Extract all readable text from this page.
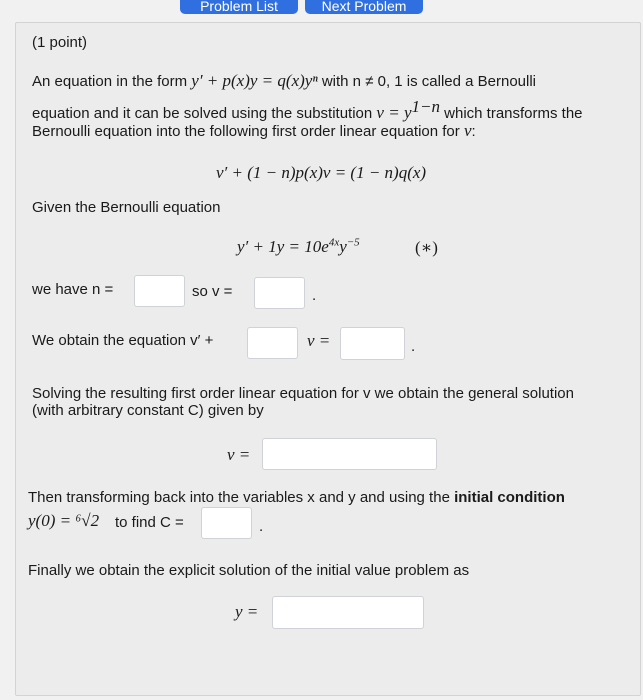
Problem List	Next Problem
(1 point)
An equation in the form y′ + p(x)y = q(x)yⁿ with n ≠ 0, 1 is called a Bernoulli
equation and it can be solved using the substitution $v = y^{1-n}$ which transforms the
Bernoulli equation into the following first order linear equation for v:
v′ + (1 − n)p(x)v = (1 − n)q(x)
Given the Bernoulli equation
$y' + 1y = 10e^{4x}y^{-5}$	(∗)
we have n =	so v =	.
We obtain the equation v′ +	v =	.
Solving the resulting first order linear equation for v we obtain the general solution
(with arbitrary constant C) given by
v =
Then transforming back into the variables x and y and using the initial condition
y(0) = ⁶√2 to find C =	.
Finally we obtain the explicit solution of the initial value problem as
y =
